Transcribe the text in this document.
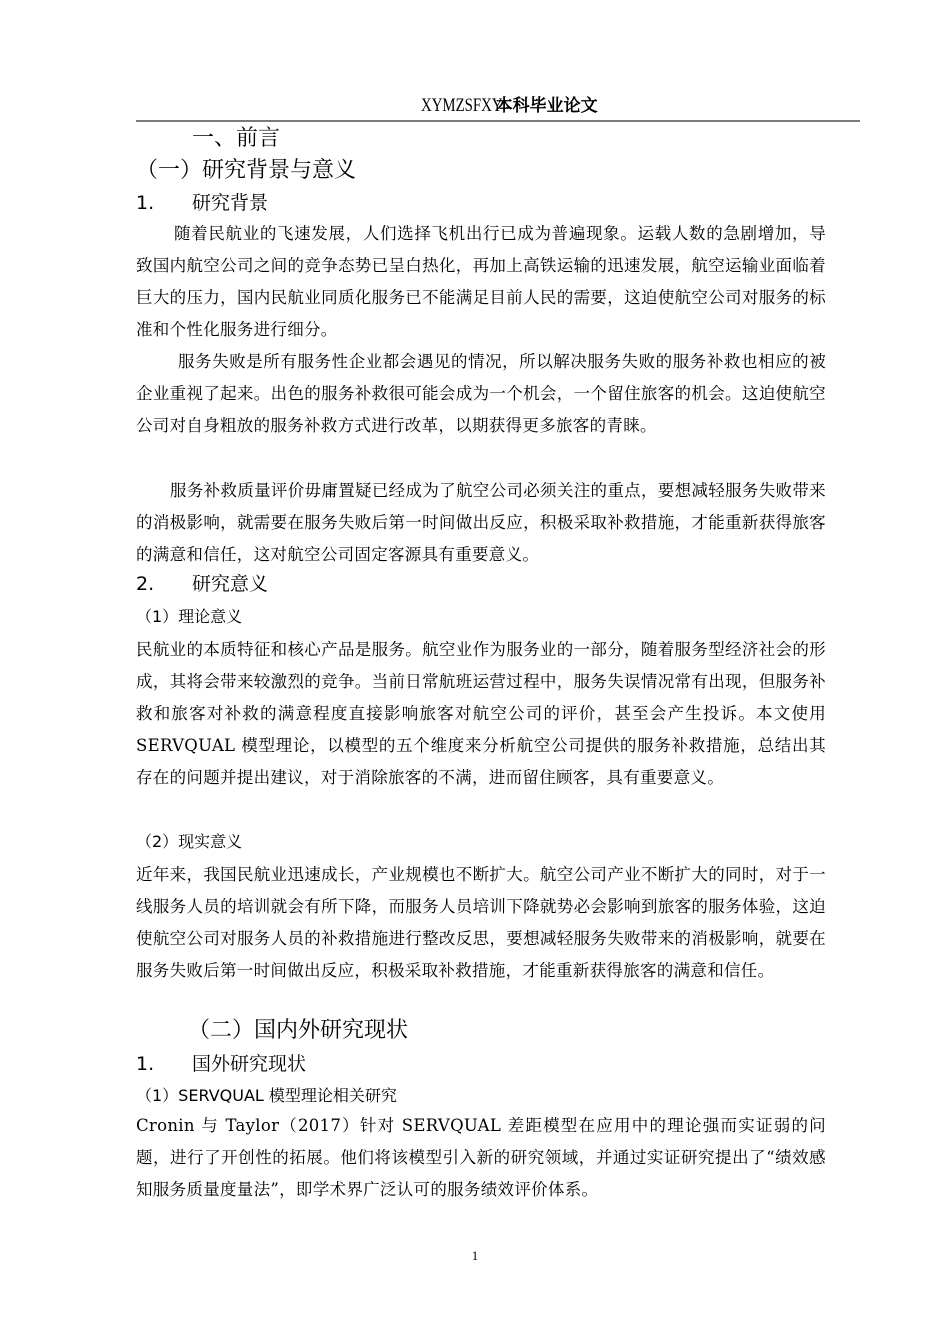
XYMZSFXY 本科毕业论文
一、前言
（一）研究背景与意义
1. 研究背景
随着民航业的飞速发展，人们选择飞机出行已成为普遍现象。运载人数的急剧增加，导致国内航空公司之间的竞争态势已呈白热化，再加上高铁运输的迅速发展，航空运输业面临着巨大的压力，国内民航业同质化服务已不能满足目前人民的需要，这迫使航空公司对服务的标准和个性化服务进行细分。
服务失败是所有服务性企业都会遇见的情况，所以解决服务失败的服务补救也相应的被企业重视了起来。出色的服务补救很可能会成为一个机会，一个留住旅客的机会。这迫使航空公司对自身粗放的服务补救方式进行改革，以期获得更多旅客的青睐。
服务补救质量评价毋庸置疑已经成为了航空公司必须关注的重点，要想减轻服务失败带来的消极影响，就需要在服务失败后第一时间做出反应，积极采取补救措施，才能重新获得旅客的满意和信任，这对航空公司固定客源具有重要意义。
2. 研究意义
（1）理论意义
民航业的本质特征和核心产品是服务。航空业作为服务业的一部分，随着服务型经济社会的形成，其将会带来较激烈的竞争。当前日常航班运营过程中，服务失误情况常有出现，但服务补救和旅客对补救的满意程度直接影响旅客对航空公司的评价，甚至会产生投诉。本文使用 SERVQUAL 模型理论，以模型的五个维度来分析航空公司提供的服务补救措施，总结出其存在的问题并提出建议，对于消除旅客的不满，进而留住顾客，具有重要意义。
（2）现实意义
近年来，我国民航业迅速成长，产业规模也不断扩大。航空公司产业不断扩大的同时，对于一线服务人员的培训就会有所下降，而服务人员培训下降就势必会影响到旅客的服务体验，这迫使航空公司对服务人员的补救措施进行整改反思，要想减轻服务失败带来的消极影响，就要在服务失败后第一时间做出反应，积极采取补救措施，才能重新获得旅客的满意和信任。
（二）国内外研究现状
1. 国外研究现状
（1）SERVQUAL 模型理论相关研究
Cronin 与 Taylor（2017）针对 SERVQUAL 差距模型在应用中的理论强而实证弱的问题，进行了开创性的拓展。他们将该模型引入新的研究领域，并通过实证研究提出了“绩效感知服务质量度量法”，即学术界广泛认可的服务绩效评价体系。
1
